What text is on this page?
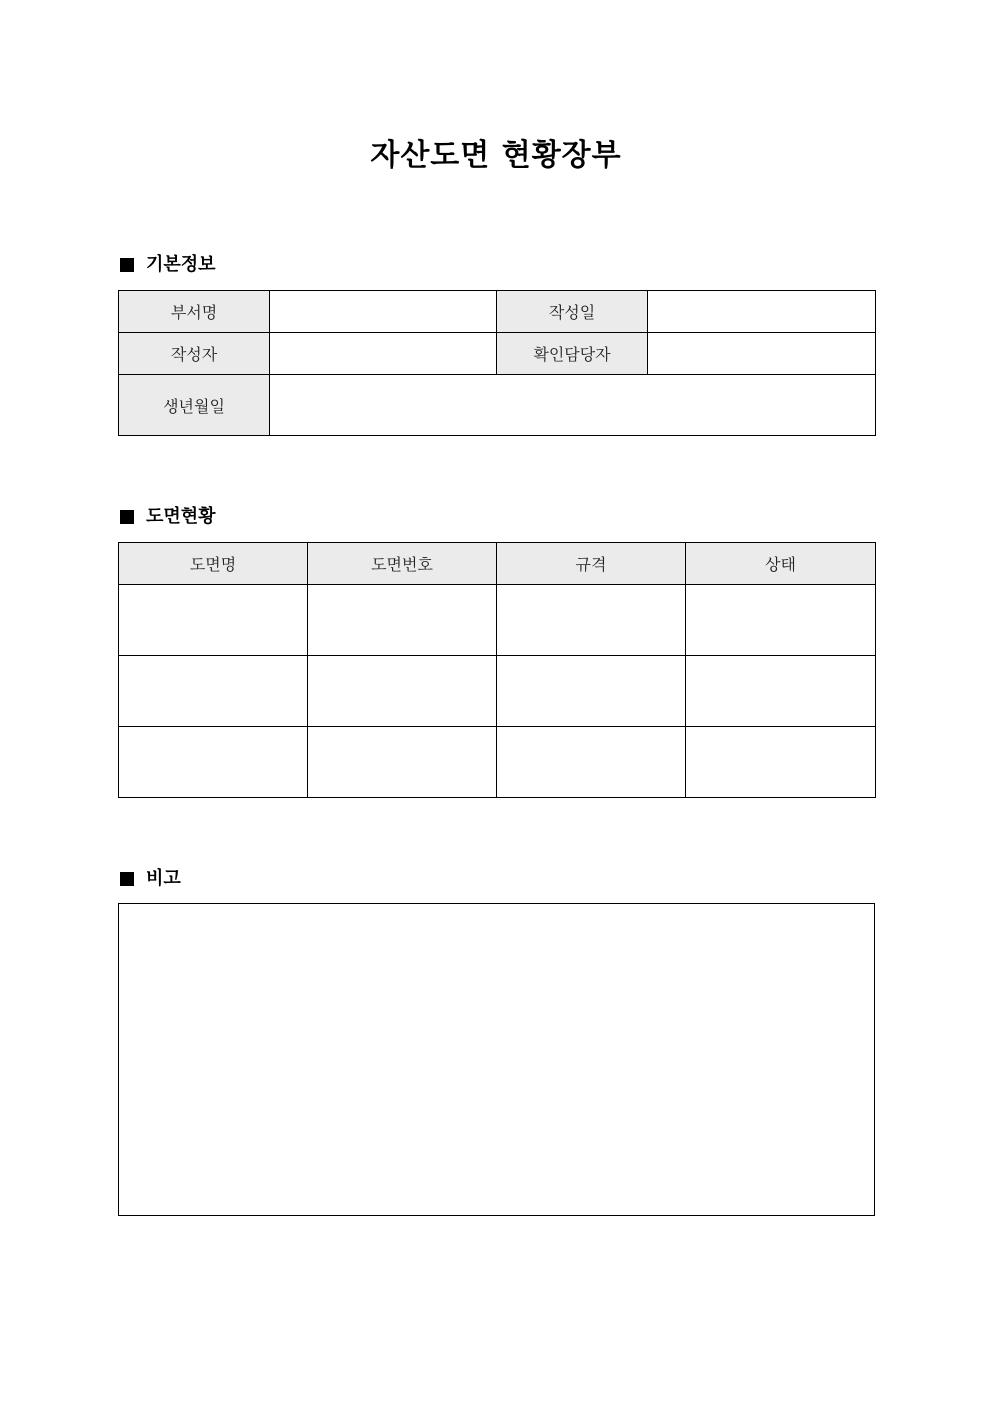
자산도면 현황장부
기본정보
부서명		작성일	
작성자		확인담당자	
생년월일			
도면현황
도면명	도면번호	규격	상태

비고
